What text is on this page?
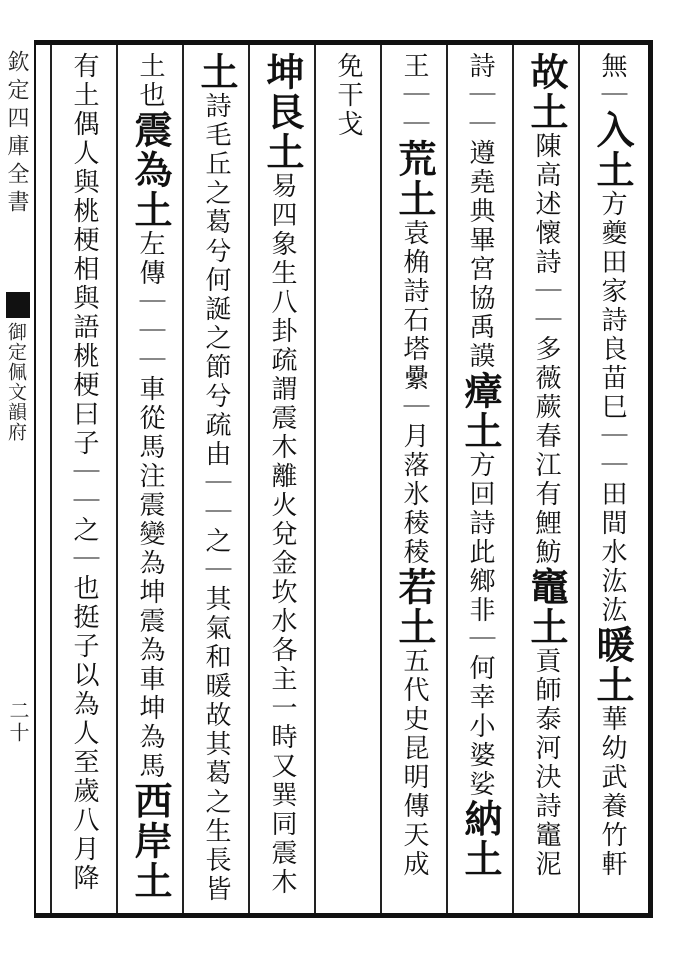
欽定四庫全書
御定佩文韻府
二十
無｜入土方夔田家詩良苗巳｜｜田間水汯汯暖土華幼武養竹軒
故土陳高述懷詩｜｜多薇蕨春江有鯉魴竈土貢師泰河決詩竈泥
詩｜｜遵堯典畢宮協禹謨瘴土方回詩此鄉非｜何幸小婆娑納土
王｜｜荒土袁桷詩石塔纍｜月落氷稜稜若土五代史昆明傳天成
免干戈
坤艮土易四象生八卦疏謂震木離火兌金坎水各主一時又巽同震木
土詩毛丘之葛兮何誕之節兮疏由｜｜之｜其氣和暖故其葛之生長皆
土也震為土左傳｜｜｜車從馬注震變為坤震為車坤為馬西岸土
有土偶人與桃梗相與語桃梗曰子｜｜之｜也挺子以為人至歲八月降
